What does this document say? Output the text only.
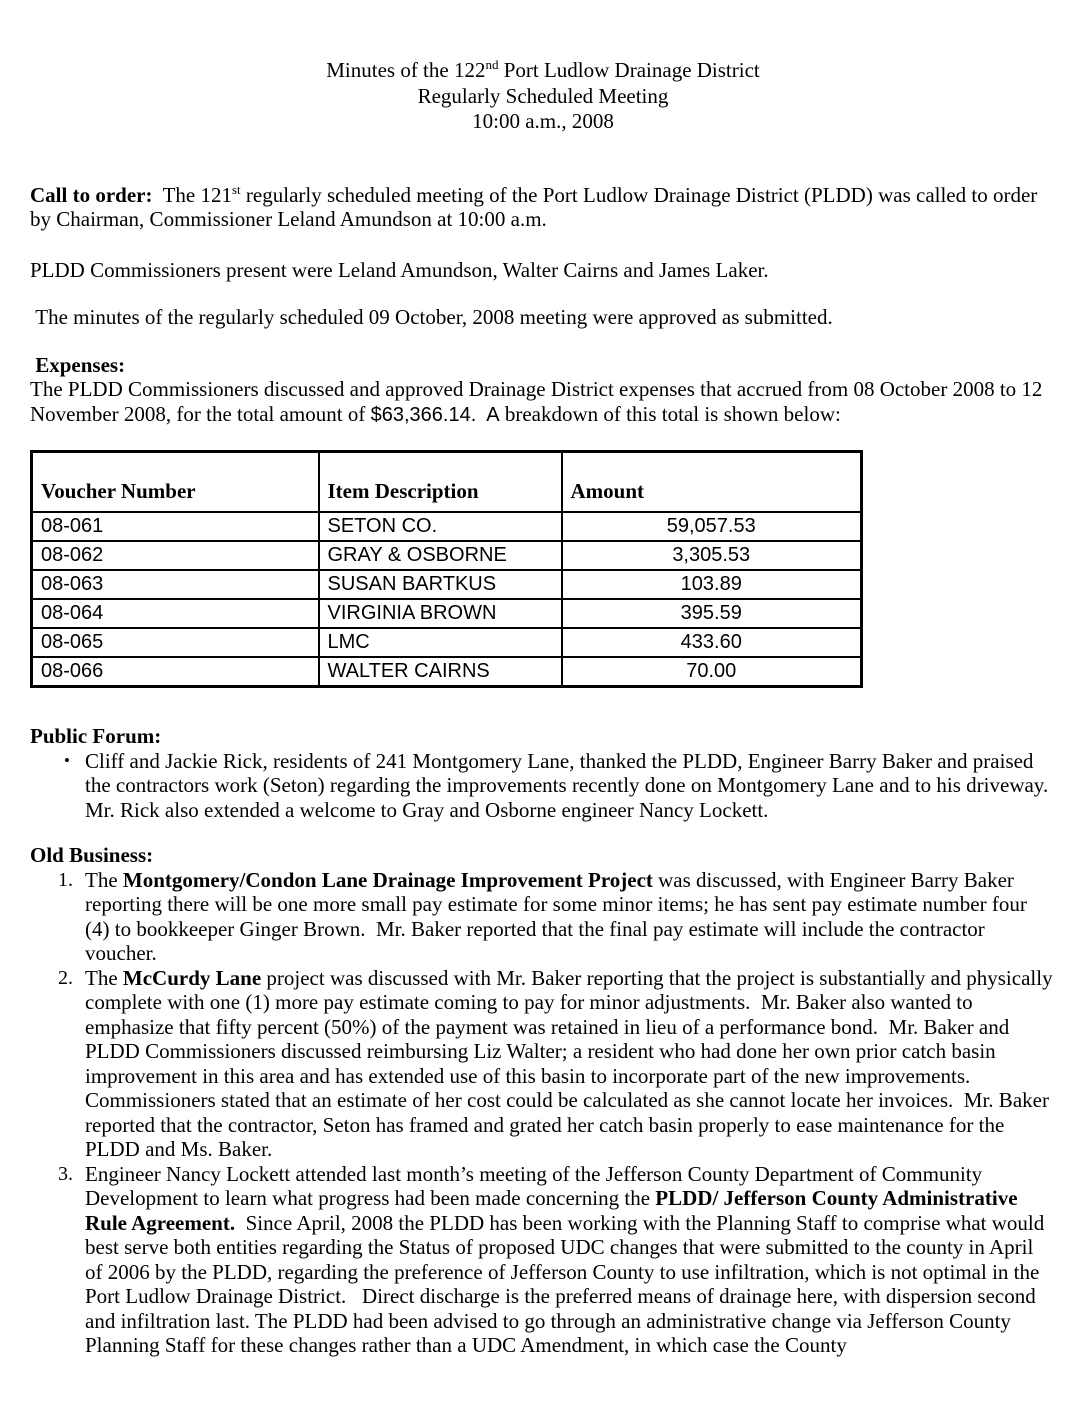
Minutes of the 122nd Port Ludlow Drainage District
Regularly Scheduled Meeting
10:00 a.m., 2008

Call to order:  The 121st regularly scheduled meeting of the Port Ludlow Drainage District (PLDD) was called to order by Chairman, Commissioner Leland Amundson at 10:00 a.m.

PLDD Commissioners present were Leland Amundson, Walter Cairns and James Laker.

The minutes of the regularly scheduled 09 October, 2008 meeting were approved as submitted.

Expenses:

The PLDD Commissioners discussed and approved Drainage District expenses that accrued from 08 October 2008 to 12 November 2008, for the total amount of $63,366.14.  A breakdown of this total is shown below:

Voucher Number	Item Description	Amount
08-061	SETON CO.	59,057.53
08-062	GRAY & OSBORNE	3,305.53
08-063	SUSAN BARTKUS	103.89
08-064	VIRGINIA BROWN	395.59
08-065	LMC	433.60
08-066	WALTER CAIRNS	70.00

Public Forum:

• Cliff and Jackie Rick, residents of 241 Montgomery Lane, thanked the PLDD, Engineer Barry Baker and praised the contractors work (Seton) regarding the improvements recently done on Montgomery Lane and to his driveway.  Mr. Rick also extended a welcome to Gray and Osborne engineer Nancy Lockett.

Old Business:

1. The Montgomery/Condon Lane Drainage Improvement Project was discussed, with Engineer Barry Baker reporting there will be one more small pay estimate for some minor items; he has sent pay estimate number four (4) to bookkeeper Ginger Brown.  Mr. Baker reported that the final pay estimate will include the contractor voucher.
2. The McCurdy Lane project was discussed with Mr. Baker reporting that the project is substantially and physically complete with one (1) more pay estimate coming to pay for minor adjustments.  Mr. Baker also wanted to emphasize that fifty percent (50%) of the payment was retained in lieu of a performance bond.  Mr. Baker and PLDD Commissioners discussed reimbursing Liz Walter; a resident who had done her own prior catch basin improvement in this area and has extended use of this basin to incorporate part of the new improvements.  Commissioners stated that an estimate of her cost could be calculated as she cannot locate her invoices.  Mr. Baker reported that the contractor, Seton has framed and grated her catch basin properly to ease maintenance for the PLDD and Ms. Baker.
3. Engineer Nancy Lockett attended last month’s meeting of the Jefferson County Department of Community Development to learn what progress had been made concerning the PLDD/ Jefferson County Administrative Rule Agreement.  Since April, 2008 the PLDD has been working with the Planning Staff to comprise what would best serve both entities regarding the Status of proposed UDC changes that were submitted to the county in April of 2006 by the PLDD, regarding the preference of Jefferson County to use infiltration, which is not optimal in the Port Ludlow Drainage District.   Direct discharge is the preferred means of drainage here, with dispersion second and infiltration last. The PLDD had been advised to go through an administrative change via Jefferson County Planning Staff for these changes rather than a UDC Amendment, in which case the County
